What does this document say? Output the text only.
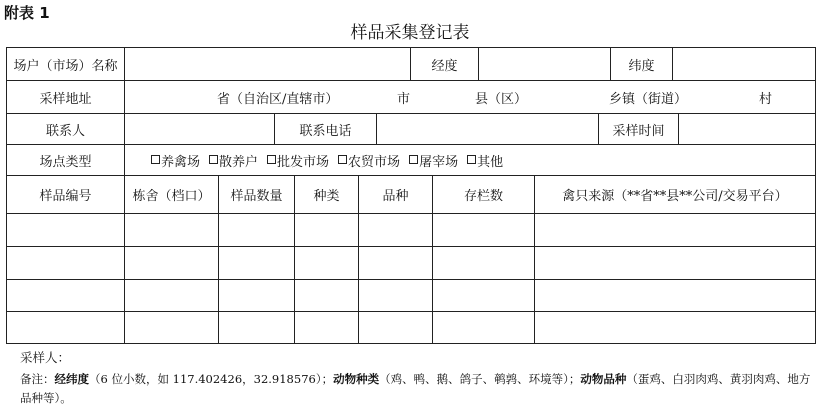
附表 1
样品采集登记表
场户（市场）名称	经度	纬度
采样地址	省（自治区/直辖市）	市	县（区）	乡镇（街道）	村
联系人	联系电话	采样时间
场点类型	养禽场 散养户 批发市场 农贸市场 屠宰场 其他
样品编号	栋舍（档口）	样品数量	种类	品种	存栏数	禽只来源（**省**县**公司/交易平台）
采样人：
备注：经纬度（6 位小数，如 117.402426，32.918576）；动物种类（鸡、鸭、鹅、鸽子、鹌鹑、环境等）；动物品种（蛋鸡、白羽肉鸡、黄羽肉鸡、地方品种等）。
